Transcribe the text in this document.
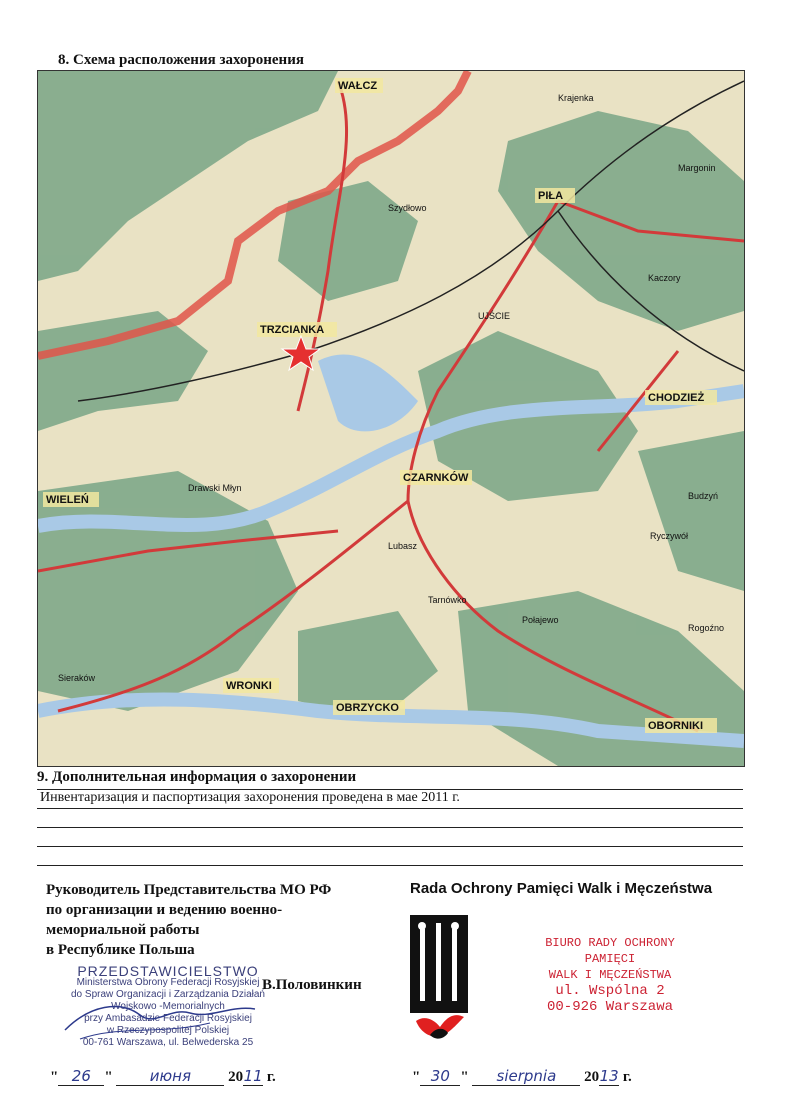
8. Схема расположения захоронения
WAŁCZ
PIŁA
TRZCIANKA
UJŚCIE
CHODZIEŻ
CZARNKÓW
WIELEŃ
WRONKI
OBRZYCKO
OBORNIKI
Lubasz
Połajewo
Ryczywół
Szydłowo
Krajenka
Kaczory
Budzyń
Margonin
Rogoźno
Drawski Młyn
Sieraków
Tarnówko
9. Дополнительная информация о захоронении
Инвентаризация и паспортизация захоронения проведена в мае 2011 г.
Руководитель Представительства МО РФ
по организации и ведению военно-
мемориальной работы
в Республике Польша
PRZEDSTAWICIELSTWO
Ministerstwa Obrony Federacji Rosyjskiej
do Spraw Organizacji i Zarządzania Działań
Wojskowo -Memorialnych
przy Ambasadzie Federacji Rosyjskiej
w Rzeczypospolitej Polskiej
00-761 Warszawa, ul. Belwederska 25
В.Половинкин
Rada Ochrony Pamięci Walk i Męczeństwa
BIURO RADY OCHRONY PAMIĘCI
WALK I MĘCZEŃSTWA
ul. Wspólna 2
00-926 Warszawa
" 26 " июня 2011 г.	" 30 " sierpnia 2013 г.
